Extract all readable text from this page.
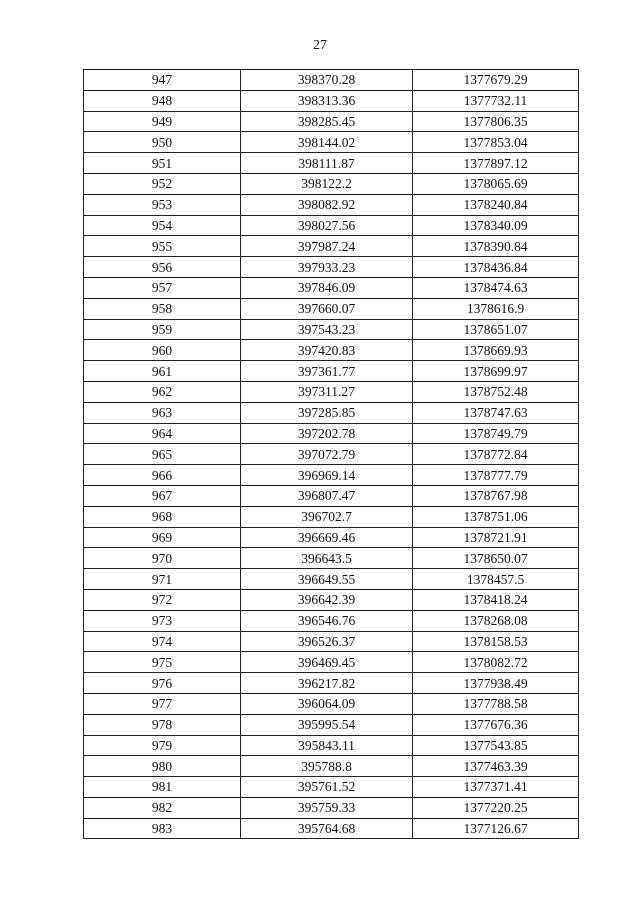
27
947	398370.28	1377679.29
948	398313.36	1377732.11
949	398285.45	1377806.35
950	398144.02	1377853.04
951	398111.87	1377897.12
952	398122.2	1378065.69
953	398082.92	1378240.84
954	398027.56	1378340.09
955	397987.24	1378390.84
956	397933.23	1378436.84
957	397846.09	1378474.63
958	397660.07	1378616.9
959	397543.23	1378651.07
960	397420.83	1378669.93
961	397361.77	1378699.97
962	397311.27	1378752.48
963	397285.85	1378747.63
964	397202.78	1378749.79
965	397072.79	1378772.84
966	396969.14	1378777.79
967	396807.47	1378767.98
968	396702.7	1378751.06
969	396669.46	1378721.91
970	396643.5	1378650.07
971	396649.55	1378457.5
972	396642.39	1378418.24
973	396546.76	1378268.08
974	396526.37	1378158.53
975	396469.45	1378082.72
976	396217.82	1377938.49
977	396064.09	1377788.58
978	395995.54	1377676.36
979	395843.11	1377543.85
980	395788.8	1377463.39
981	395761.52	1377371.41
982	395759.33	1377220.25
983	395764.68	1377126.67
